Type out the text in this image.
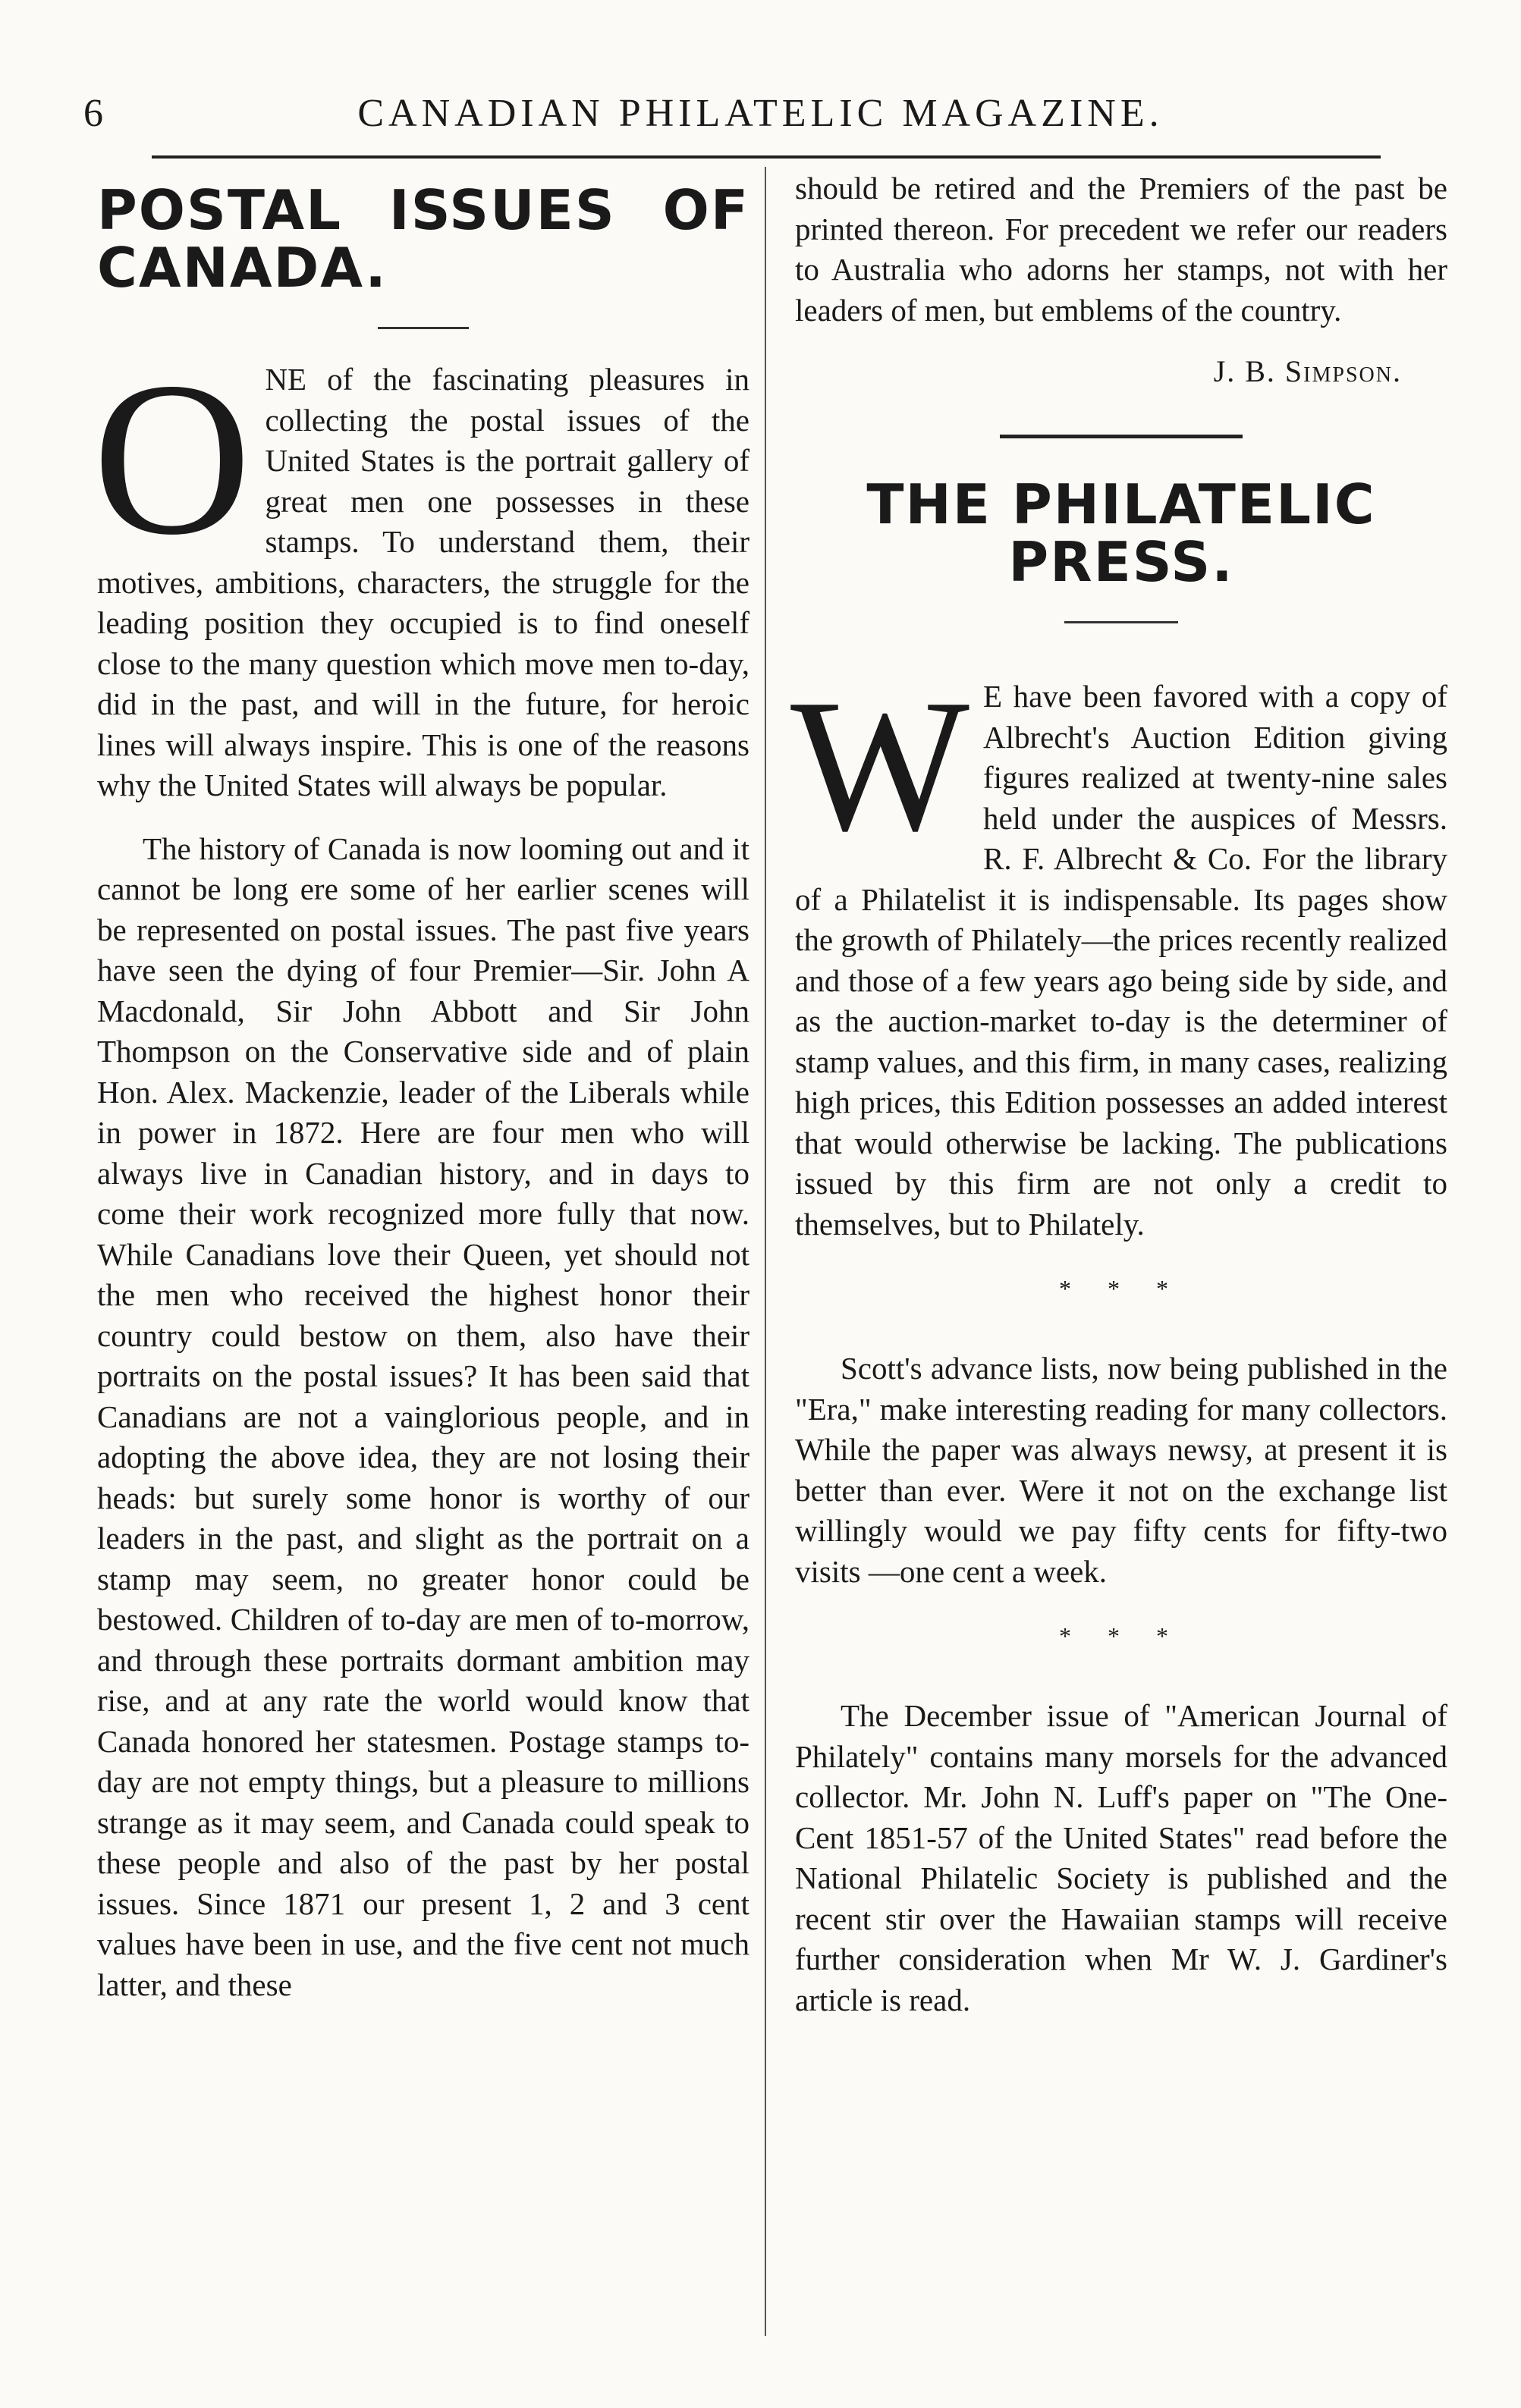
6	CANADIAN PHILATELIC MAGAZINE.
POSTAL ISSUES OF CANADA.

O NE of the fascinating pleasures in collecting the postal issues of the United States is the portrait gallery of great men one possesses in these stamps. To understand them, their motives, ambitions, characters, the struggle for the leading position they occupied is to find oneself close to the many question which move men to-day, did in the past, and will in the future, for heroic lines will always inspire. This is one of the reasons why the United States will always be popular.

The history of Canada is now looming out and it cannot be long ere some of her earlier scenes will be represented on postal issues. The past five years have seen the dying of four Premier—Sir. John A Macdonald, Sir John Abbott and Sir John Thompson on the Conservative side and of plain Hon. Alex. Mackenzie, leader of the Liberals while in power in 1872. Here are four men who will always live in Canadian history, and in days to come their work recognized more fully that now. While Canadians love their Queen, yet should not the men who received the highest honor their country could bestow on them, also have their portraits on the postal issues? It has been said that Canadians are not a vainglorious people, and in adopting the above idea, they are not losing their heads: but surely some honor is worthy of our leaders in the past, and slight as the portrait on a stamp may seem, no greater honor could be bestowed. Children of to-day are men of to-morrow, and through these portraits dormant ambition may rise, and at any rate the world would know that Canada honored her statesmen. Postage stamps to-day are not empty things, but a pleasure to millions strange as it may seem, and Canada could speak to these people and also of the past by her postal issues. Since 1871 our present 1, 2 and 3 cent values have been in use, and the five cent not much latter, and these

should be retired and the Premiers of the past be printed thereon. For precedent we refer our readers to Australia who adorns her stamps, not with her leaders of men, but emblems of the country.

J. B. Simpson.
THE PHILATELIC PRESS.

W E have been favored with a copy of Albrecht's Auction Edition giving figures realized at twenty-nine sales held under the auspices of Messrs. R. F. Albrecht & Co. For the library of a Philatelist it is indispensable. Its pages show the growth of Philately—the prices recently realized and those of a few years ago being side by side, and as the auction-market to-day is the determiner of stamp values, and this firm, in many cases, realizing high prices, this Edition possesses an added interest that would otherwise be lacking. The publications issued by this firm are not only a credit to themselves, but to Philately.

* * *

Scott's advance lists, now being published in the "Era," make interesting reading for many collectors. While the paper was always newsy, at present it is better than ever. Were it not on the exchange list willingly would we pay fifty cents for fifty-two visits —one cent a week.

* * *

The December issue of "American Journal of Philately" contains many morsels for the advanced collector. Mr. John N. Luff's paper on "The One-Cent 1851-57 of the United States" read before the National Philatelic Society is published and the recent stir over the Hawaiian stamps will receive further consideration when Mr W. J. Gardiner's article is read.
